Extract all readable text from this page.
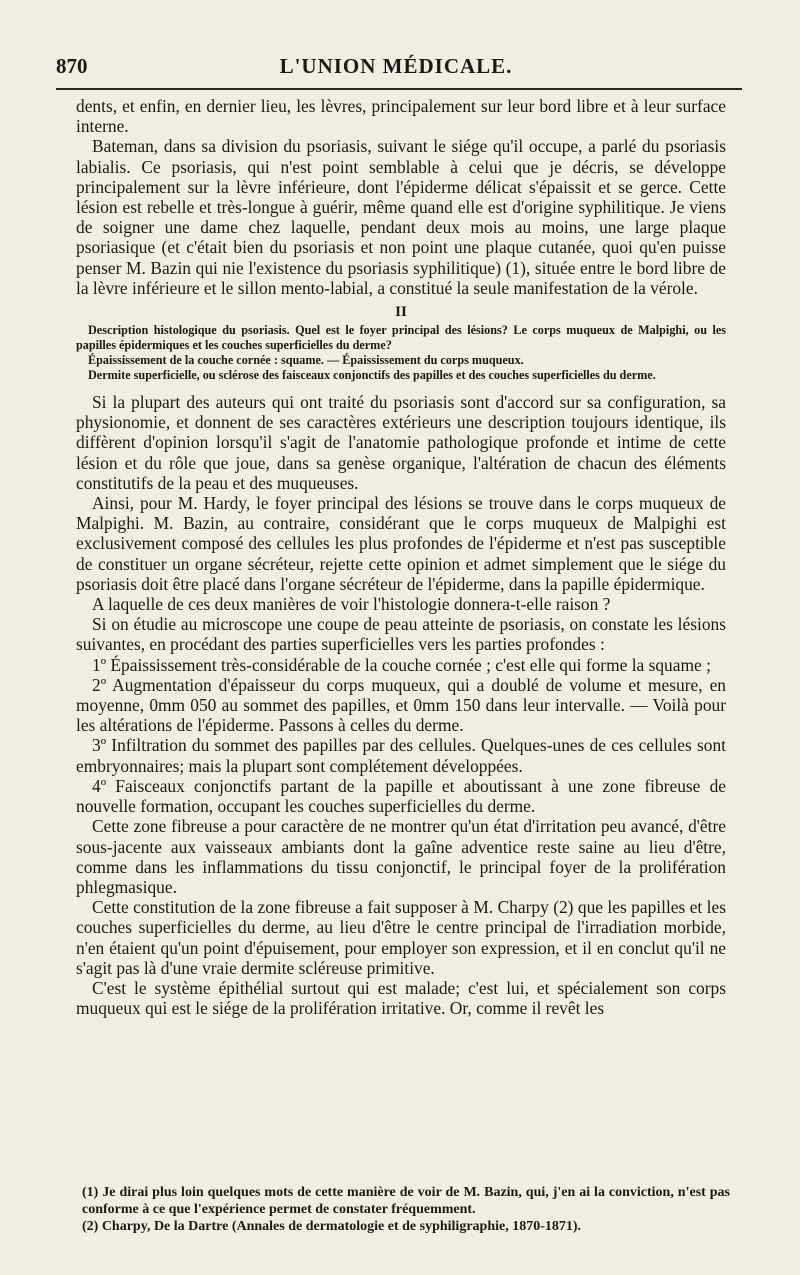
870	L'UNION MÉDICALE.

dents, et enfin, en dernier lieu, les lèvres, principalement sur leur bord libre et à leur surface interne.

Bateman, dans sa division du psoriasis, suivant le siége qu'il occupe, a parlé du psoriasis labialis. Ce psoriasis, qui n'est point semblable à celui que je décris, se développe principalement sur la lèvre inférieure, dont l'épiderme délicat s'épaissit et se gerce. Cette lésion est rebelle et très-longue à guérir, même quand elle est d'origine syphilitique. Je viens de soigner une dame chez laquelle, pendant deux mois au moins, une large plaque psoriasique (et c'était bien du psoriasis et non point une plaque cutanée, quoi qu'en puisse penser M. Bazin qui nie l'existence du psoriasis syphilitique) (1), située entre le bord libre de la lèvre inférieure et le sillon mento-labial, a constitué la seule manifestation de la vérole.

II
Description histologique du psoriasis. Quel est le foyer principal des lésions? Le corps muqueux de Malpighi, ou les papilles épidermiques et les couches superficielles du derme?
Épaississement de la couche cornée : squame. — Épaississement du corps muqueux.
Dermite superficielle, ou sclérose des faisceaux conjonctifs des papilles et des couches superficielles du derme.

Si la plupart des auteurs qui ont traité du psoriasis sont d'accord sur sa configuration, sa physionomie, et donnent de ses caractères extérieurs une description toujours identique, ils diffèrent d'opinion lorsqu'il s'agit de l'anatomie pathologique profonde et intime de cette lésion et du rôle que joue, dans sa genèse organique, l'altération de chacun des éléments constitutifs de la peau et des muqueuses.

Ainsi, pour M. Hardy, le foyer principal des lésions se trouve dans le corps muqueux de Malpighi. M. Bazin, au contraire, considérant que le corps muqueux de Malpighi est exclusivement composé des cellules les plus profondes de l'épiderme et n'est pas susceptible de constituer un organe sécréteur, rejette cette opinion et admet simplement que le siége du psoriasis doit être placé dans l'organe sécréteur de l'épiderme, dans la papille épidermique.

A laquelle de ces deux manières de voir l'histologie donnera-t-elle raison ?

Si on étudie au microscope une coupe de peau atteinte de psoriasis, on constate les lésions suivantes, en procédant des parties superficielles vers les parties profondes :

1º Épaississement très-considérable de la couche cornée ; c'est elle qui forme la squame ;

2º Augmentation d'épaisseur du corps muqueux, qui a doublé de volume et mesure, en moyenne, 0mm 050 au sommet des papilles, et 0mm 150 dans leur intervalle. — Voilà pour les altérations de l'épiderme. Passons à celles du derme.

3º Infiltration du sommet des papilles par des cellules. Quelques-unes de ces cellules sont embryonnaires; mais la plupart sont complétement développées.

4º Faisceaux conjonctifs partant de la papille et aboutissant à une zone fibreuse de nouvelle formation, occupant les couches superficielles du derme.

Cette zone fibreuse a pour caractère de ne montrer qu'un état d'irritation peu avancé, d'être sous-jacente aux vaisseaux ambiants dont la gaîne adventice reste saine au lieu d'être, comme dans les inflammations du tissu conjonctif, le principal foyer de la prolifération phlegmasique.

Cette constitution de la zone fibreuse a fait supposer à M. Charpy (2) que les papilles et les couches superficielles du derme, au lieu d'être le centre principal de l'irradiation morbide, n'en étaient qu'un point d'épuisement, pour employer son expression, et il en conclut qu'il ne s'agit pas là d'une vraie dermite scléreuse primitive.

C'est le système épithélial surtout qui est malade; c'est lui, et spécialement son corps muqueux qui est le siége de la prolifération irritative. Or, comme il revêt les

(1) Je dirai plus loin quelques mots de cette manière de voir de M. Bazin, qui, j'en ai la conviction, n'est pas conforme à ce que l'expérience permet de constater fréquemment.
(2) Charpy, De la Dartre (Annales de dermatologie et de syphiligraphie, 1870-1871).
